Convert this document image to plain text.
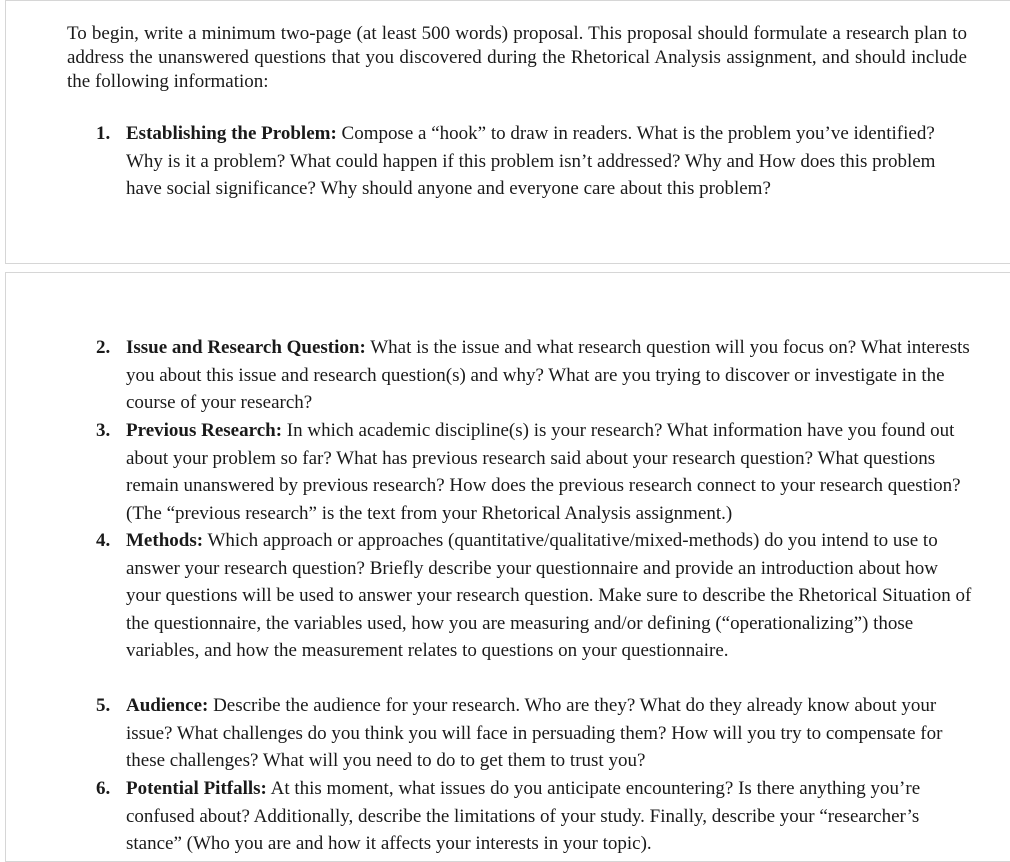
To begin, write a minimum two-page (at least 500 words) proposal. This proposal should formulate a research plan to address the unanswered questions that you discovered during the Rhetorical Analysis assignment, and should include the following information:

1. Establishing the Problem: Compose a “hook” to draw in readers. What is the problem you’ve identified? Why is it a problem? What could happen if this problem isn’t addressed? Why and How does this problem have social significance? Why should anyone and everyone care about this problem?
2. Issue and Research Question: What is the issue and what research question will you focus on? What interests you about this issue and research question(s) and why? What are you trying to discover or investigate in the course of your research?
3. Previous Research: In which academic discipline(s) is your research? What information have you found out about your problem so far? What has previous research said about your research question? What questions remain unanswered by previous research? How does the previous research connect to your research question? (The “previous research” is the text from your Rhetorical Analysis assignment.)
4. Methods: Which approach or approaches (quantitative/qualitative/mixed-methods) do you intend to use to answer your research question? Briefly describe your questionnaire and provide an introduction about how your questions will be used to answer your research question. Make sure to describe the Rhetorical Situation of the questionnaire, the variables used, how you are measuring and/or defining (“operationalizing”) those variables, and how the measurement relates to questions on your questionnaire.
5. Audience: Describe the audience for your research. Who are they? What do they already know about your issue? What challenges do you think you will face in persuading them? How will you try to compensate for these challenges? What will you need to do to get them to trust you?
6. Potential Pitfalls: At this moment, what issues do you anticipate encountering? Is there anything you’re confused about? Additionally, describe the limitations of your study. Finally, describe your “researcher’s stance” (Who you are and how it affects your interests in your topic).
